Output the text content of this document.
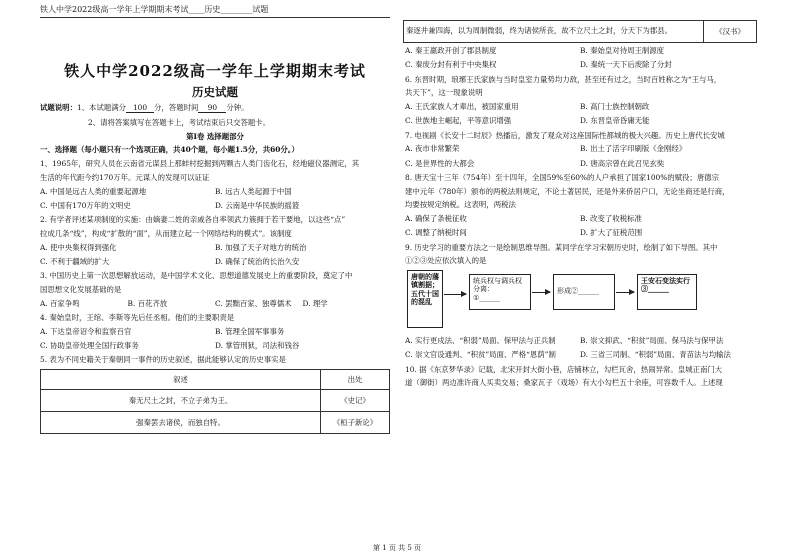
铁人中学2022级高一学年上学期期末考试____历史________试题
铁人中学2022级高一学年上学期期末考试
历史试题
试题说明：1、本试题满分 100 分，答题时间 90 分钟。
2、请将答案填写在答题卡上，考试结束后只交答题卡。
第Ⅰ卷 选择题部分
一、选择题（每小题只有一个选项正确，共40个题，每小题1.5分，共60分。）
1、1965年，研究人员在云南省元谋县上那蚌村挖掘到两颗古人类门齿化石，经地磁仪器测定，其
生活的年代距今约170万年。元谋人的发现可以证证
A. 中国是远古人类的重要起源地	B. 远古人类起源于中国
C. 中国有170万年的文明史	D. 云南是中华民族的摇篮
2. 有学者评述某项制度的实施：由嫡妻二姓的亲戚各自率领武力簇拥于若干要地，以这些“点”
拉成几条“线”，构成“扩散的“面”，从而建立起一个网络结构的模式”。该制度
A. 使中央集权得到强化	B. 加强了天子对地方的统治
C. 不利于疆域的扩大	D. 确保了统治的长治久安
3. 中国历史上第一次思想解放运动，是中国学术文化、思想道德发展史上的重要阶段，奠定了中
国思想文化发展基础的是
A. 百家争鸣	B. 百花齐放	C. 罢黜百家、独尊儒术	D. 理学
4. 秦始皇时，王绾、李斯等先后任丞相。他们的主要职责是
A. 下达皇帝诏令和监察百官	B. 管理全国军事事务
C. 协助皇帝处理全国行政事务	D. 掌管刑狱，司法和钱谷
5. 表为不同史籍关于秦朝同一事件的历史叙述，据此能够认定的历史事实是
叙述	出处
秦无尺土之封，不立子弟为王。	《史记》
强秦罢去诸侯，而独自特。	《桓子新论》
秦逐井兼四海，以为周制微弱，终为诸侯所丧，故不立尺土之封，分天下为郡县。	《汉书》
A. 秦王嬴政开创了郡县制度	B. 秦始皇对待周王制源度
C. 秦废分封有利于中央集权	D. 秦统一天下后废除了分封
6. 东晋时期，琅琊王氏家族与当时皇室力量势均力敌，甚至还有过之，当时百姓称之为“王与马，
共天下”，这一现象说明
A. 王氏家族人才辈出，被国家重用	B. 高门士族控制朝政
C. 世族地主崛起，平等意识增强	D. 东晋皇帝昏庸无能
7. 电视剧《长安十二时辰》热播后，激发了观众对这座国际性都城的极大兴趣。历史上唐代长安城
A. 夜市非常繁荣	B. 出土了活字印刷版《金刚经》
C. 是世界性的大都会	D. 唐高宗曾在此召见玄奘
8. 唐天宝十三年（754年）至十四年，全国59%至60%的人户承担了国家100%的赋役；唐德宗
建中元年（780年）颁布的两税法则规定，不论土著居民，还是外来侨居户口，无论坐商还是行商，
均要按规定纳税。这表明，两税法
A. 确保了条税征收	B. 改变了收税标准
C. 调整了纳税时间	D. 扩大了征税范围
9. 历史学习的重要方法之一是绘制思维导图。某同学在学习宋朝历史时，绘制了如下导图。其中
①②③处应依次填入的是
唐朝的藩镇割据；五代十国的混乱
统兵权与调兵权分离：
①______
形成②______
王安石变法实行③______
A. 实行更戍法、“积弱”局面、保甲法与正兵制	B. 崇文抑武、“积贫”局面、保马法与保甲法
C. 崇文官设通判、“积贫”局面、严格“恩荫”制	D. 三省三司制、“积弱”局面、青苗法与均输法
10. 据《东京梦华录》记载，北宋开封大街小巷，店铺林立，勾栏瓦舍，热闹异常。皇城正南门大
道（御街）两边准许商人买卖交易；桑家瓦子（戏场）有大小勾栏五十余座，可容数千人。上述现
第 1 页 共 5 页
